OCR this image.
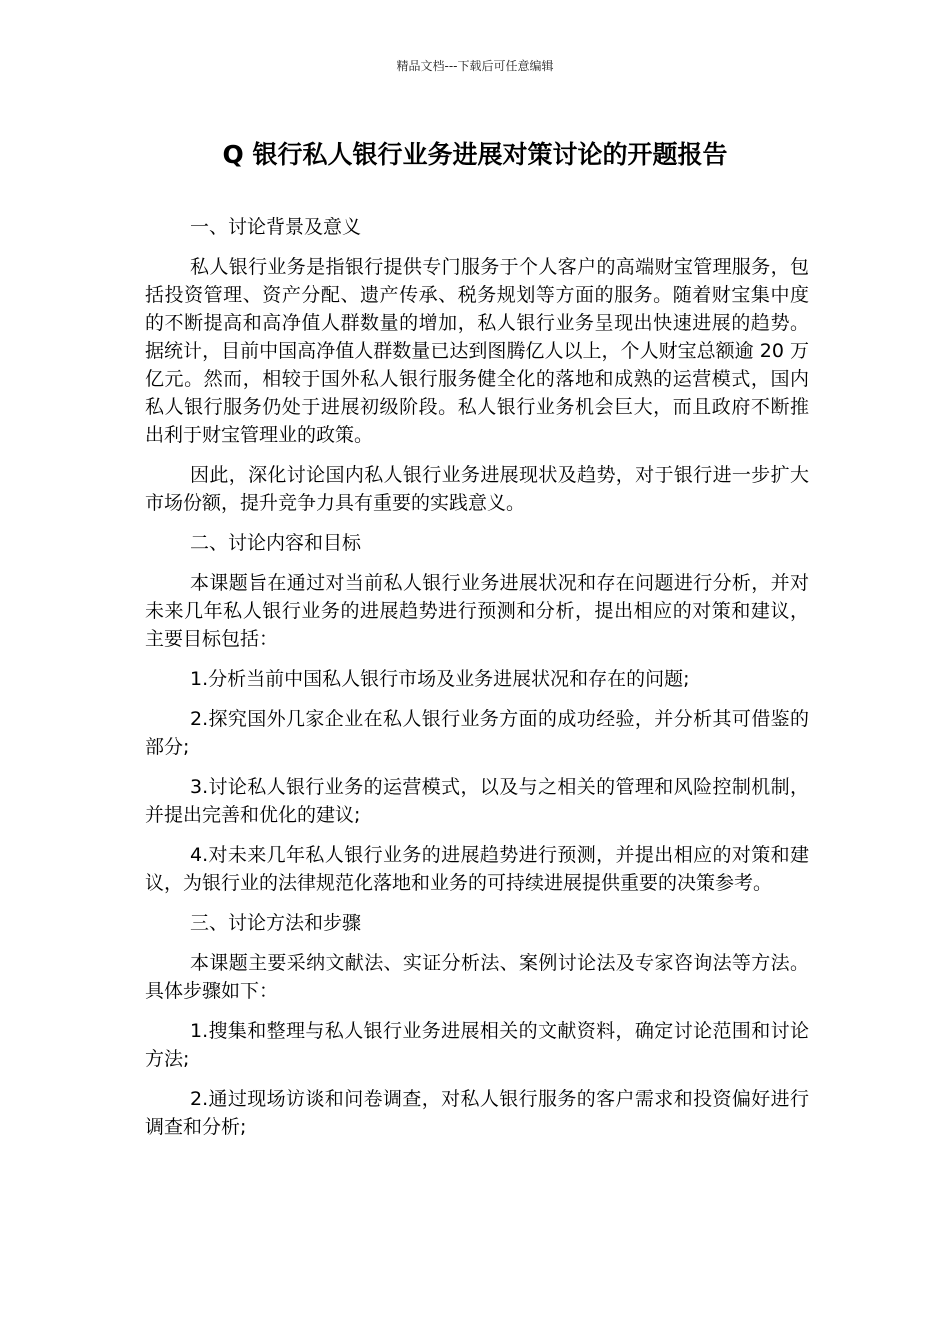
精品文档---下载后可任意编辑
Q 银行私人银行业务进展对策讨论的开题报告

一、讨论背景及意义

私人银行业务是指银行提供专门服务于个人客户的高端财宝管理服务，包括投资管理、资产分配、遗产传承、税务规划等方面的服务。随着财宝集中度的不断提高和高净值人群数量的增加，私人银行业务呈现出快速进展的趋势。据统计，目前中国高净值人群数量已达到图腾亿人以上，个人财宝总额逾 20 万亿元。然而，相较于国外私人银行服务健全化的落地和成熟的运营模式，国内私人银行服务仍处于进展初级阶段。私人银行业务机会巨大，而且政府不断推出利于财宝管理业的政策。

因此，深化讨论国内私人银行业务进展现状及趋势，对于银行进一步扩大市场份额，提升竞争力具有重要的实践意义。

二、讨论内容和目标

本课题旨在通过对当前私人银行业务进展状况和存在问题进行分析，并对未来几年私人银行业务的进展趋势进行预测和分析，提出相应的对策和建议，主要目标包括：

1.分析当前中国私人银行市场及业务进展状况和存在的问题;

2.探究国外几家企业在私人银行业务方面的成功经验，并分析其可借鉴的部分;

3.讨论私人银行业务的运营模式，以及与之相关的管理和风险控制机制，并提出完善和优化的建议;

4.对未来几年私人银行业务的进展趋势进行预测，并提出相应的对策和建议，为银行业的法律规范化落地和业务的可持续进展提供重要的决策参考。

三、讨论方法和步骤

本课题主要采纳文献法、实证分析法、案例讨论法及专家咨询法等方法。具体步骤如下：

1.搜集和整理与私人银行业务进展相关的文献资料，确定讨论范围和讨论方法;

2.通过现场访谈和问卷调查，对私人银行服务的客户需求和投资偏好进行调查和分析;
